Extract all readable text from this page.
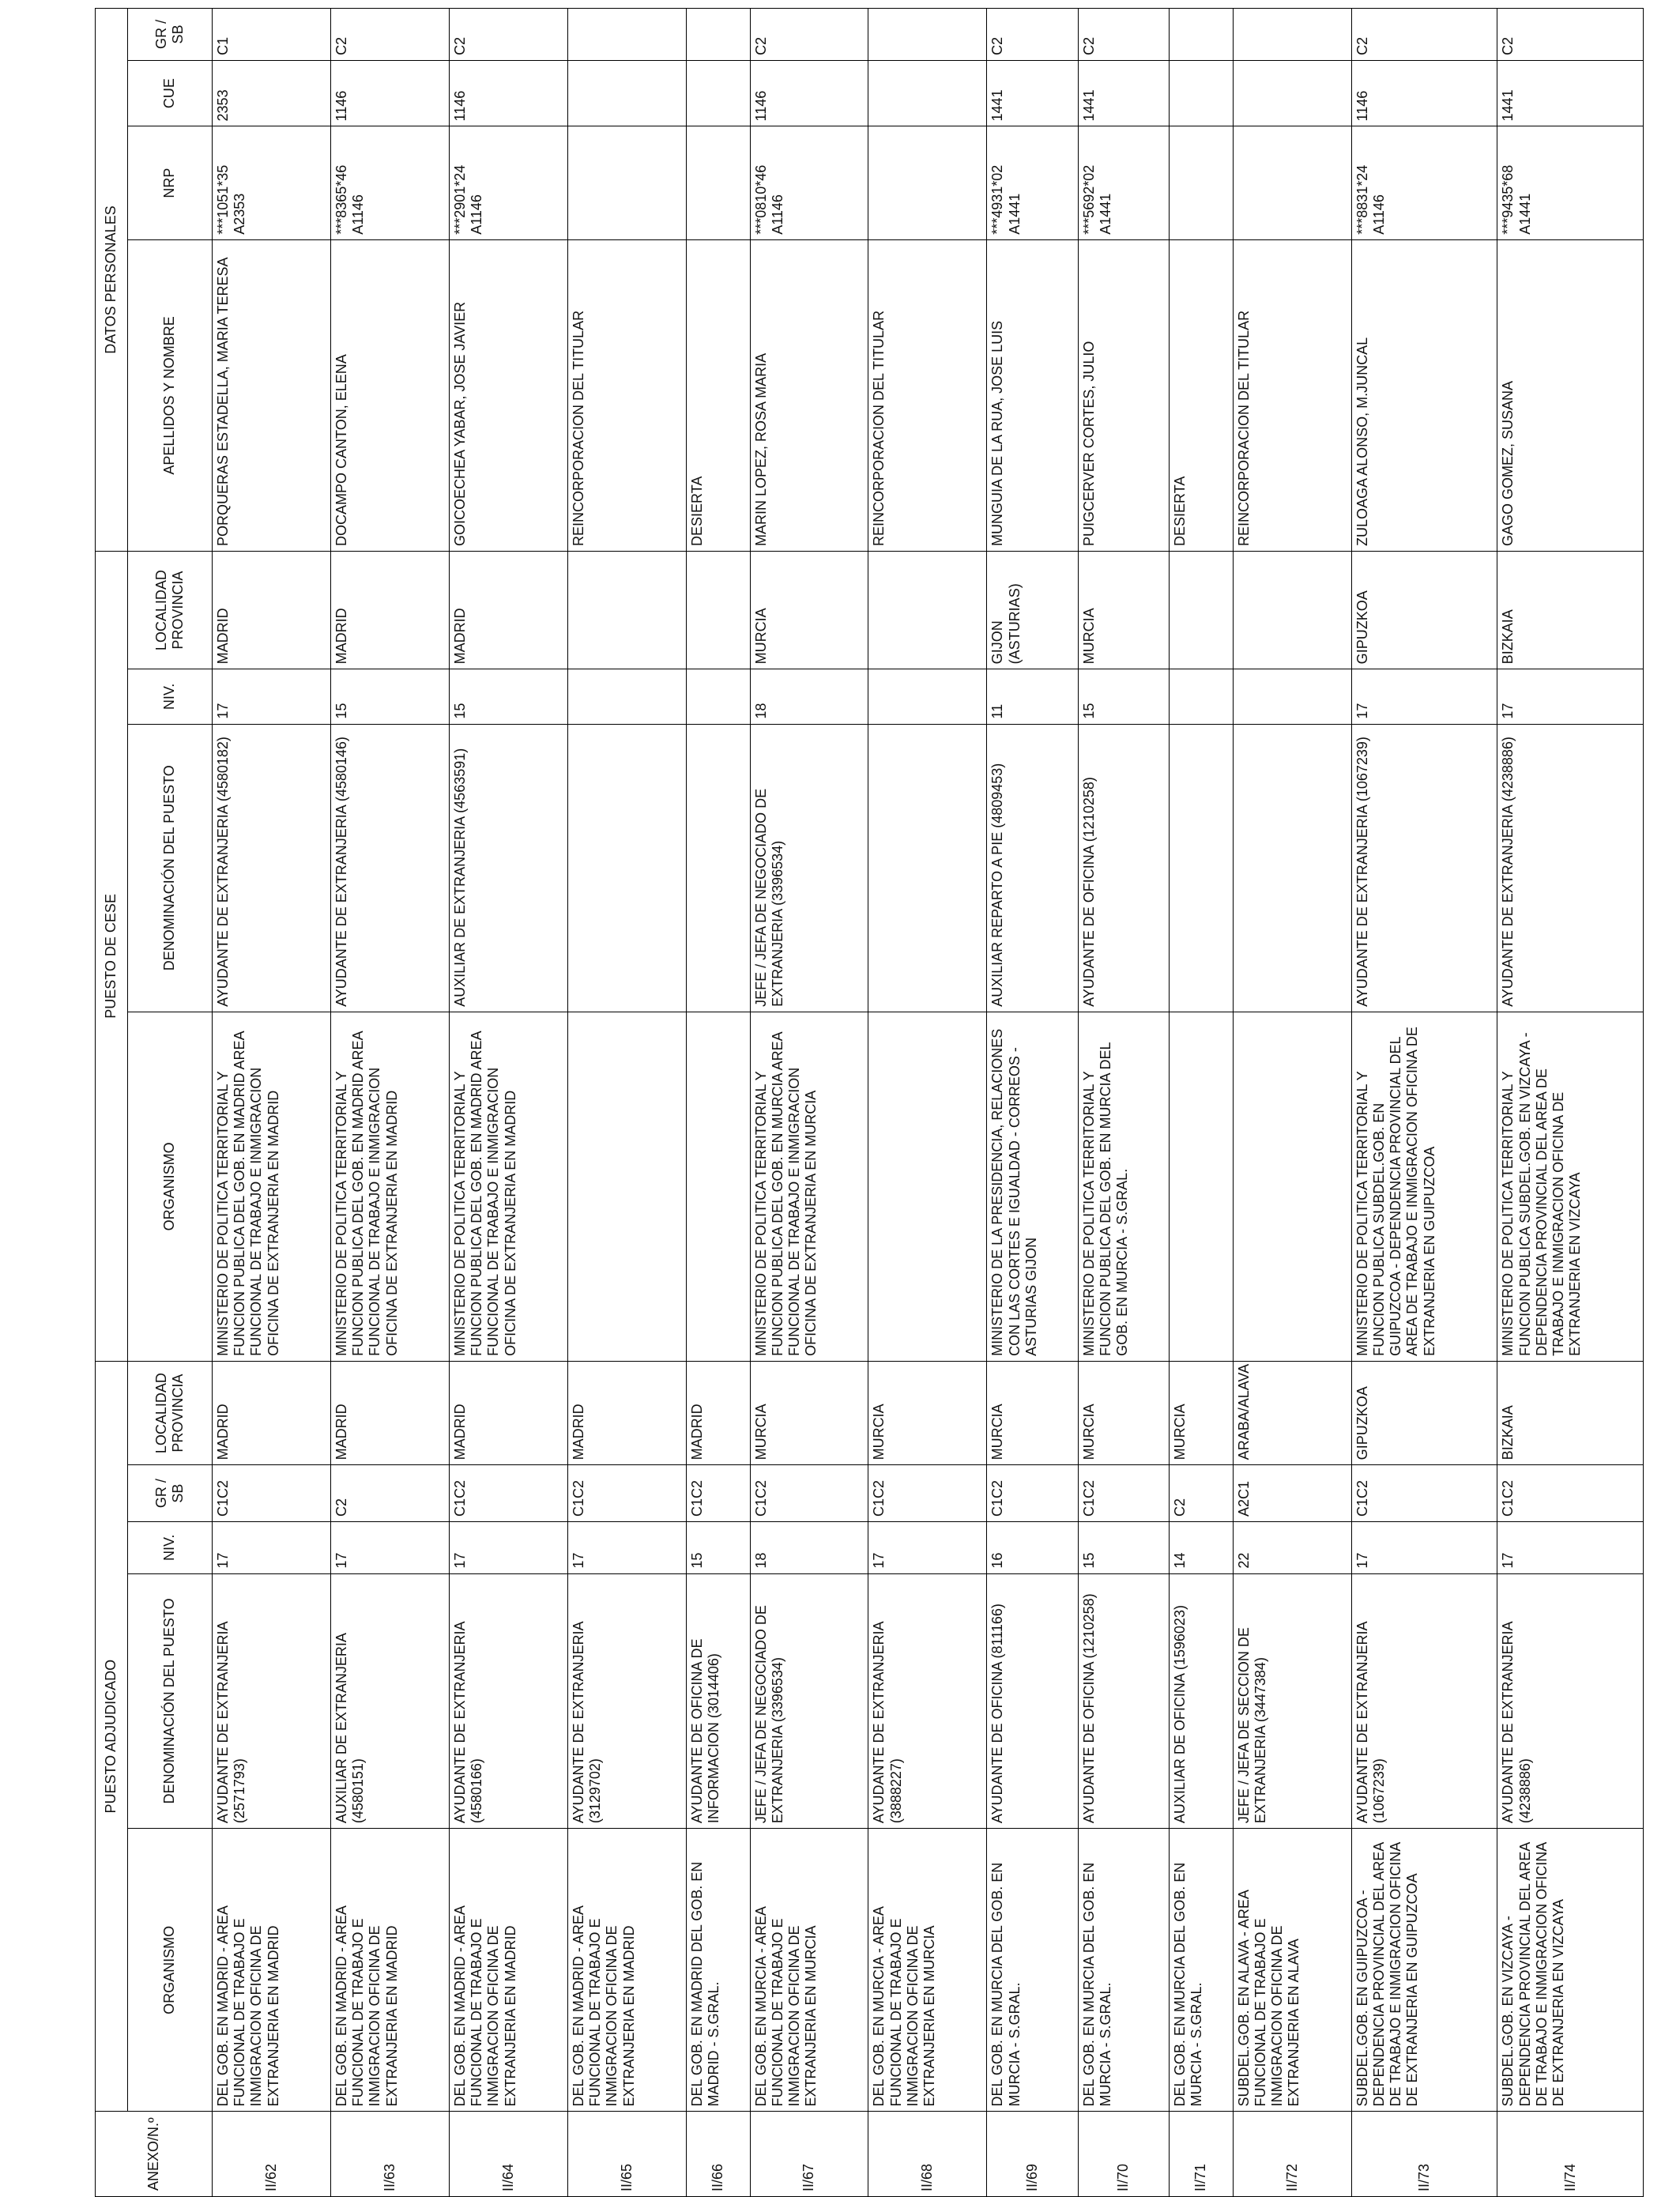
ANEXO/N.º	PUESTO ADJUDICADO					PUESTO DE CESE				DATOS PERSONALES			
	ORGANISMO	DENOMINACIÓN DEL PUESTO	NIV.	GR / SB	LOCALIDAD PROVINCIA	ORGANISMO	DENOMINACIÓN DEL PUESTO	NIV.	LOCALIDAD PROVINCIA	APELLIDOS Y NOMBRE	NRP	CUE	GR / SB
II/62	DEL GOB. EN MADRID - AREA FUNCIONAL DE TRABAJO E INMIGRACION OFICINA DE EXTRANJERIA EN MADRID	AYUDANTE DE EXTRANJERIA (2571793)	17	C1C2	MADRID	MINISTERIO DE POLITICA TERRITORIAL Y FUNCION PUBLICA DEL GOB. EN MADRID AREA FUNCIONAL DE TRABAJO E INMIGRACION OFICINA DE EXTRANJERIA EN MADRID	AYUDANTE DE EXTRANJERIA (4580182)	17	MADRID	PORQUERAS ESTADELLA, MARIA TERESA	***1051*35 A2353	2353	C1
II/63	DEL GOB. EN MADRID - AREA FUNCIONAL DE TRABAJO E INMIGRACION OFICINA DE EXTRANJERIA EN MADRID	AUXILIAR DE EXTRANJERIA (4580151)	17	C2	MADRID	MINISTERIO DE POLITICA TERRITORIAL Y FUNCION PUBLICA DEL GOB. EN MADRID AREA FUNCIONAL DE TRABAJO E INMIGRACION OFICINA DE EXTRANJERIA EN MADRID	AYUDANTE DE EXTRANJERIA (4580146)	15	MADRID	DOCAMPO CANTON, ELENA	***8365*46 A1146	1146	C2
II/64	DEL GOB. EN MADRID - AREA FUNCIONAL DE TRABAJO E INMIGRACION OFICINA DE EXTRANJERIA EN MADRID	AYUDANTE DE EXTRANJERIA (4580166)	17	C1C2	MADRID	MINISTERIO DE POLITICA TERRITORIAL Y FUNCION PUBLICA DEL GOB. EN MADRID AREA FUNCIONAL DE TRABAJO E INMIGRACION OFICINA DE EXTRANJERIA EN MADRID	AUXILIAR DE EXTRANJERIA (4563591)	15	MADRID	GOICOECHEA YABAR, JOSE JAVIER	***2901*24 A1146	1146	C2
II/65	DEL GOB. EN MADRID - AREA FUNCIONAL DE TRABAJO E INMIGRACION OFICINA DE EXTRANJERIA EN MADRID	AYUDANTE DE EXTRANJERIA (3129702)	17	C1C2	MADRID					REINCORPORACION DEL TITULAR			
II/66	DEL GOB. EN MADRID DEL GOB. EN MADRID - S.GRAL.	AYUDANTE DE OFICINA DE INFORMACION (3014406)	15	C1C2	MADRID					DESIERTA			
II/67	DEL GOB. EN MURCIA - AREA FUNCIONAL DE TRABAJO E INMIGRACION OFICINA DE EXTRANJERIA EN MURCIA	JEFE / JEFA DE NEGOCIADO DE EXTRANJERIA (3396534)	18	C1C2	MURCIA	MINISTERIO DE POLITICA TERRITORIAL Y FUNCION PUBLICA DEL GOB. EN MURCIA AREA FUNCIONAL DE TRABAJO E INMIGRACION OFICINA DE EXTRANJERIA EN MURCIA	JEFE / JEFA DE NEGOCIADO DE EXTRANJERIA (3396534)	18	MURCIA	MARIN LOPEZ, ROSA MARIA	***0810*46 A1146	1146	C2
II/68	DEL GOB. EN MURCIA - AREA FUNCIONAL DE TRABAJO E INMIGRACION OFICINA DE EXTRANJERIA EN MURCIA	AYUDANTE DE EXTRANJERIA (3888227)	17	C1C2	MURCIA					REINCORPORACION DEL TITULAR			
II/69	DEL GOB. EN MURCIA DEL GOB. EN MURCIA - S.GRAL.	AYUDANTE DE OFICINA (811166)	16	C1C2	MURCIA	MINISTERIO DE LA PRESIDENCIA, RELACIONES CON LAS CORTES E IGUALDAD - CORREOS - ASTURIAS GIJON	AUXILIAR REPARTO A PIE (4809453)	11	GIJON (ASTURIAS)	MUNGUIA DE LA RUA, JOSE LUIS	***4931*02 A1441	1441	C2
II/70	DEL GOB. EN MURCIA DEL GOB. EN MURCIA - S.GRAL.	AYUDANTE DE OFICINA (1210258)	15	C1C2	MURCIA	MINISTERIO DE POLITICA TERRITORIAL Y FUNCION PUBLICA DEL GOB. EN MURCIA DEL GOB. EN MURCIA - S.GRAL.	AYUDANTE DE OFICINA (1210258)	15	MURCIA	PUIGCERVER CORTES, JULIO	***5692*02 A1441	1441	C2
II/71	DEL GOB. EN MURCIA DEL GOB. EN MURCIA - S.GRAL.	AUXILIAR DE OFICINA (1596023)	14	C2	MURCIA					DESIERTA			
II/72	SUBDEL.GOB. EN ALAVA - AREA FUNCIONAL DE TRABAJO E INMIGRACION OFICINA DE EXTRANJERIA EN ALAVA	JEFE / JEFA DE SECCION DE EXTRANJERIA (3447384)	22	A2C1	ARABA/ALAVA					REINCORPORACION DEL TITULAR			
II/73	SUBDEL.GOB. EN GUIPUZCOA - DEPENDENCIA PROVINCIAL DEL AREA DE TRABAJO E INMIGRACION OFICINA DE EXTRANJERIA EN GUIPUZCOA	AYUDANTE DE EXTRANJERIA (1067239)	17	C1C2	GIPUZKOA	MINISTERIO DE POLITICA TERRITORIAL Y FUNCION PUBLICA SUBDEL.GOB. EN GUIPUZCOA - DEPENDENCIA PROVINCIAL DEL AREA DE TRABAJO E INMIGRACION OFICINA DE EXTRANJERIA EN GUIPUZCOA	AYUDANTE DE EXTRANJERIA (1067239)	17	GIPUZKOA	ZULOAGA ALONSO, M.JUNCAL	***8831*24 A1146	1146	C2
II/74	SUBDEL.GOB. EN VIZCAYA - DEPENDENCIA PROVINCIAL DEL AREA DE TRABAJO E INMIGRACION OFICINA DE EXTRANJERIA EN VIZCAYA	AYUDANTE DE EXTRANJERIA (4238886)	17	C1C2	BIZKAIA	MINISTERIO DE POLITICA TERRITORIAL Y FUNCION PUBLICA SUBDEL.GOB. EN VIZCAYA - DEPENDENCIA PROVINCIAL DEL AREA DE TRABAJO E INMIGRACION OFICINA DE EXTRANJERIA EN VIZCAYA	AYUDANTE DE EXTRANJERIA (4238886)	17	BIZKAIA	GAGO GOMEZ, SUSANA	***9435*68 A1441	1441	C2
